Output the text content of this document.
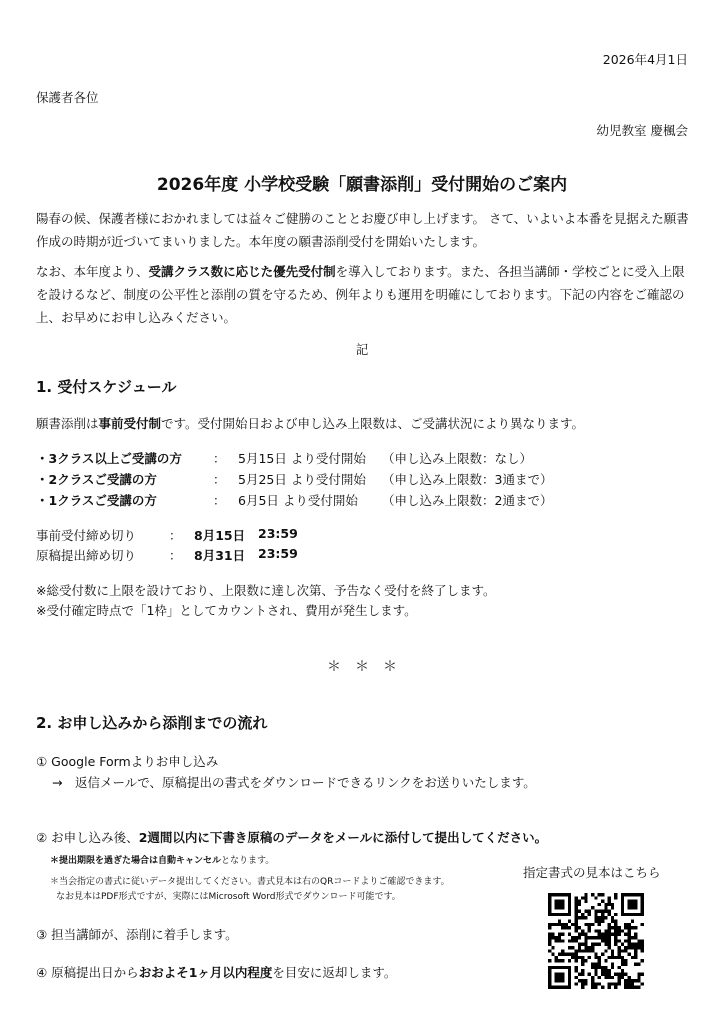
2026年4月1日
保護者各位
幼児教室 慶楓会
2026年度 小学校受験「願書添削」受付開始のご案内
陽春の候、保護者様におかれましては益々ご健勝のこととお慶び申し上げます。 さて、いよいよ本番を見据えた願書作成の時期が近づいてまいりました。本年度の願書添削受付を開始いたします。
なお、本年度より、受講クラス数に応じた優先受付制を導入しております。また、各担当講師・学校ごとに受入上限を設けるなど、制度の公平性と添削の質を守るため、例年よりも運用を明確にしております。下記の内容をご確認の上、お早めにお申し込みください。
記
1. 受付スケジュール
願書添削は事前受付制です。受付開始日および申し込み上限数は、ご受講状況により異なります。
・3クラス以上ご受講の方 ： 5月15日 より受付開始 （申し込み上限数：なし）
・2クラスご受講の方	： 5月25日 より受付開始 （申し込み上限数：3通まで）
・1クラスご受講の方	： 6月5日 より受付開始 （申し込み上限数：2通まで）
事前受付締め切り	： 8月15日 23:59
原稿提出締め切り	： 8月31日 23:59
※総受付数に上限を設けており、上限数に達し次第、予告なく受付を終了します。
※受付確定時点で「1枠」としてカウントされ、費用が発生します。
＊　＊　＊
2. お申し込みから添削までの流れ
① Google Formよりお申し込み
→　返信メールで、原稿提出の書式をダウンロードできるリンクをお送りいたします。
② お申し込み後、2週間以内に下書き原稿のデータをメールに添付して提出してください。
＊提出期限を過ぎた場合は自動キャンセルとなります。
＊当会指定の書式に従いデータ提出してください。書式見本は右のQRコードよりご確認できます。
なお見本はPDF形式ですが、実際にはMicrosoft Word形式でダウンロード可能です。
③ 担当講師が、添削に着手します。
④ 原稿提出日からおおよそ1ヶ月以内程度を目安に返却します。
指定書式の見本はこちら
